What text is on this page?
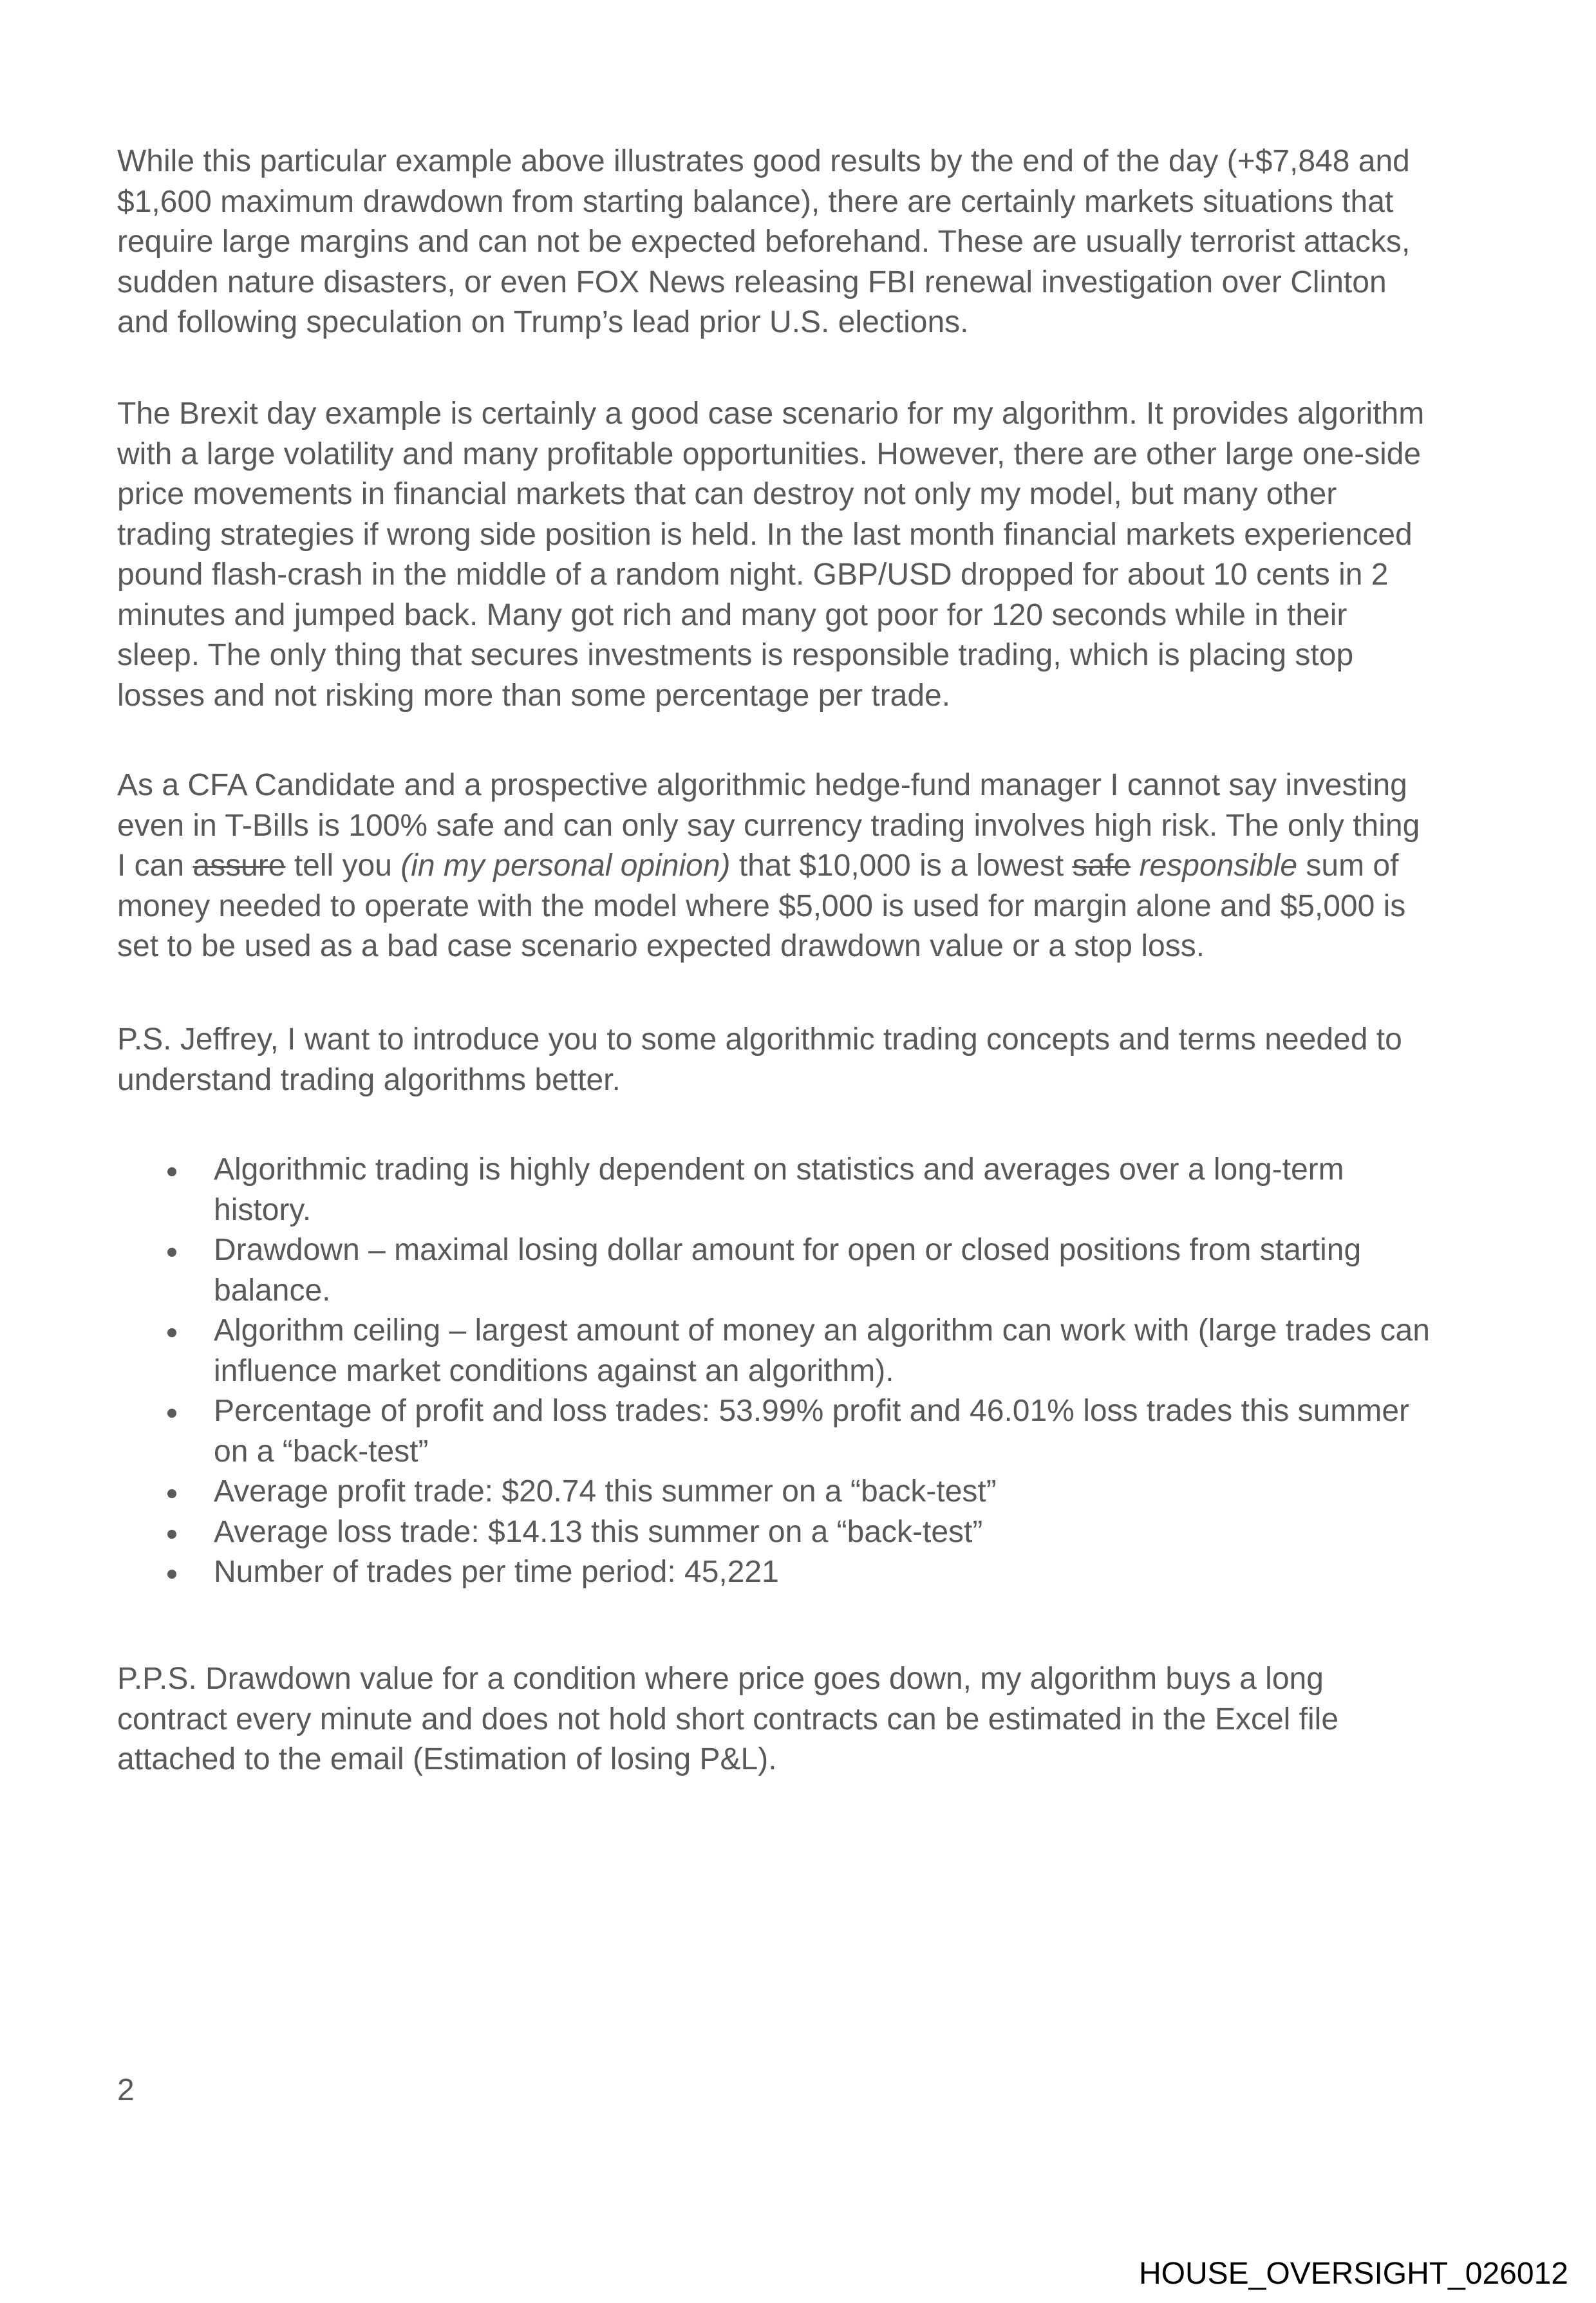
While this particular example above illustrates good results by the end of the day (+$7,848 and
$1,600 maximum drawdown from starting balance), there are certainly markets situations that
require large margins and can not be expected beforehand. These are usually terrorist attacks,
sudden nature disasters, or even FOX News releasing FBI renewal investigation over Clinton
and following speculation on Trump’s lead prior U.S. elections.
The Brexit day example is certainly a good case scenario for my algorithm. It provides algorithm
with a large volatility and many profitable opportunities. However, there are other large one-side
price movements in financial markets that can destroy not only my model, but many other
trading strategies if wrong side position is held. In the last month financial markets experienced
pound flash-crash in the middle of a random night. GBP/USD dropped for about 10 cents in 2
minutes and jumped back. Many got rich and many got poor for 120 seconds while in their
sleep. The only thing that secures investments is responsible trading, which is placing stop
losses and not risking more than some percentage per trade.
As a CFA Candidate and a prospective algorithmic hedge-fund manager I cannot say investing
even in T-Bills is 100% safe and can only say currency trading involves high risk. The only thing
I can assure tell you (in my personal opinion) that $10,000 is a lowest safe responsible sum of
money needed to operate with the model where $5,000 is used for margin alone and $5,000 is
set to be used as a bad case scenario expected drawdown value or a stop loss.
P.S. Jeffrey, I want to introduce you to some algorithmic trading concepts and terms needed to
understand trading algorithms better.
Algorithmic trading is highly dependent on statistics and averages over a long-term
history.
Drawdown – maximal losing dollar amount for open or closed positions from starting
balance.
Algorithm ceiling – largest amount of money an algorithm can work with (large trades can
influence market conditions against an algorithm).
Percentage of profit and loss trades: 53.99% profit and 46.01% loss trades this summer
on a “back-test”
Average profit trade: $20.74 this summer on a “back-test”
Average loss trade: $14.13 this summer on a “back-test”
Number of trades per time period: 45,221
P.P.S. Drawdown value for a condition where price goes down, my algorithm buys a long
contract every minute and does not hold short contracts can be estimated in the Excel file
attached to the email (Estimation of losing P&L).
2
HOUSE_OVERSIGHT_026012
